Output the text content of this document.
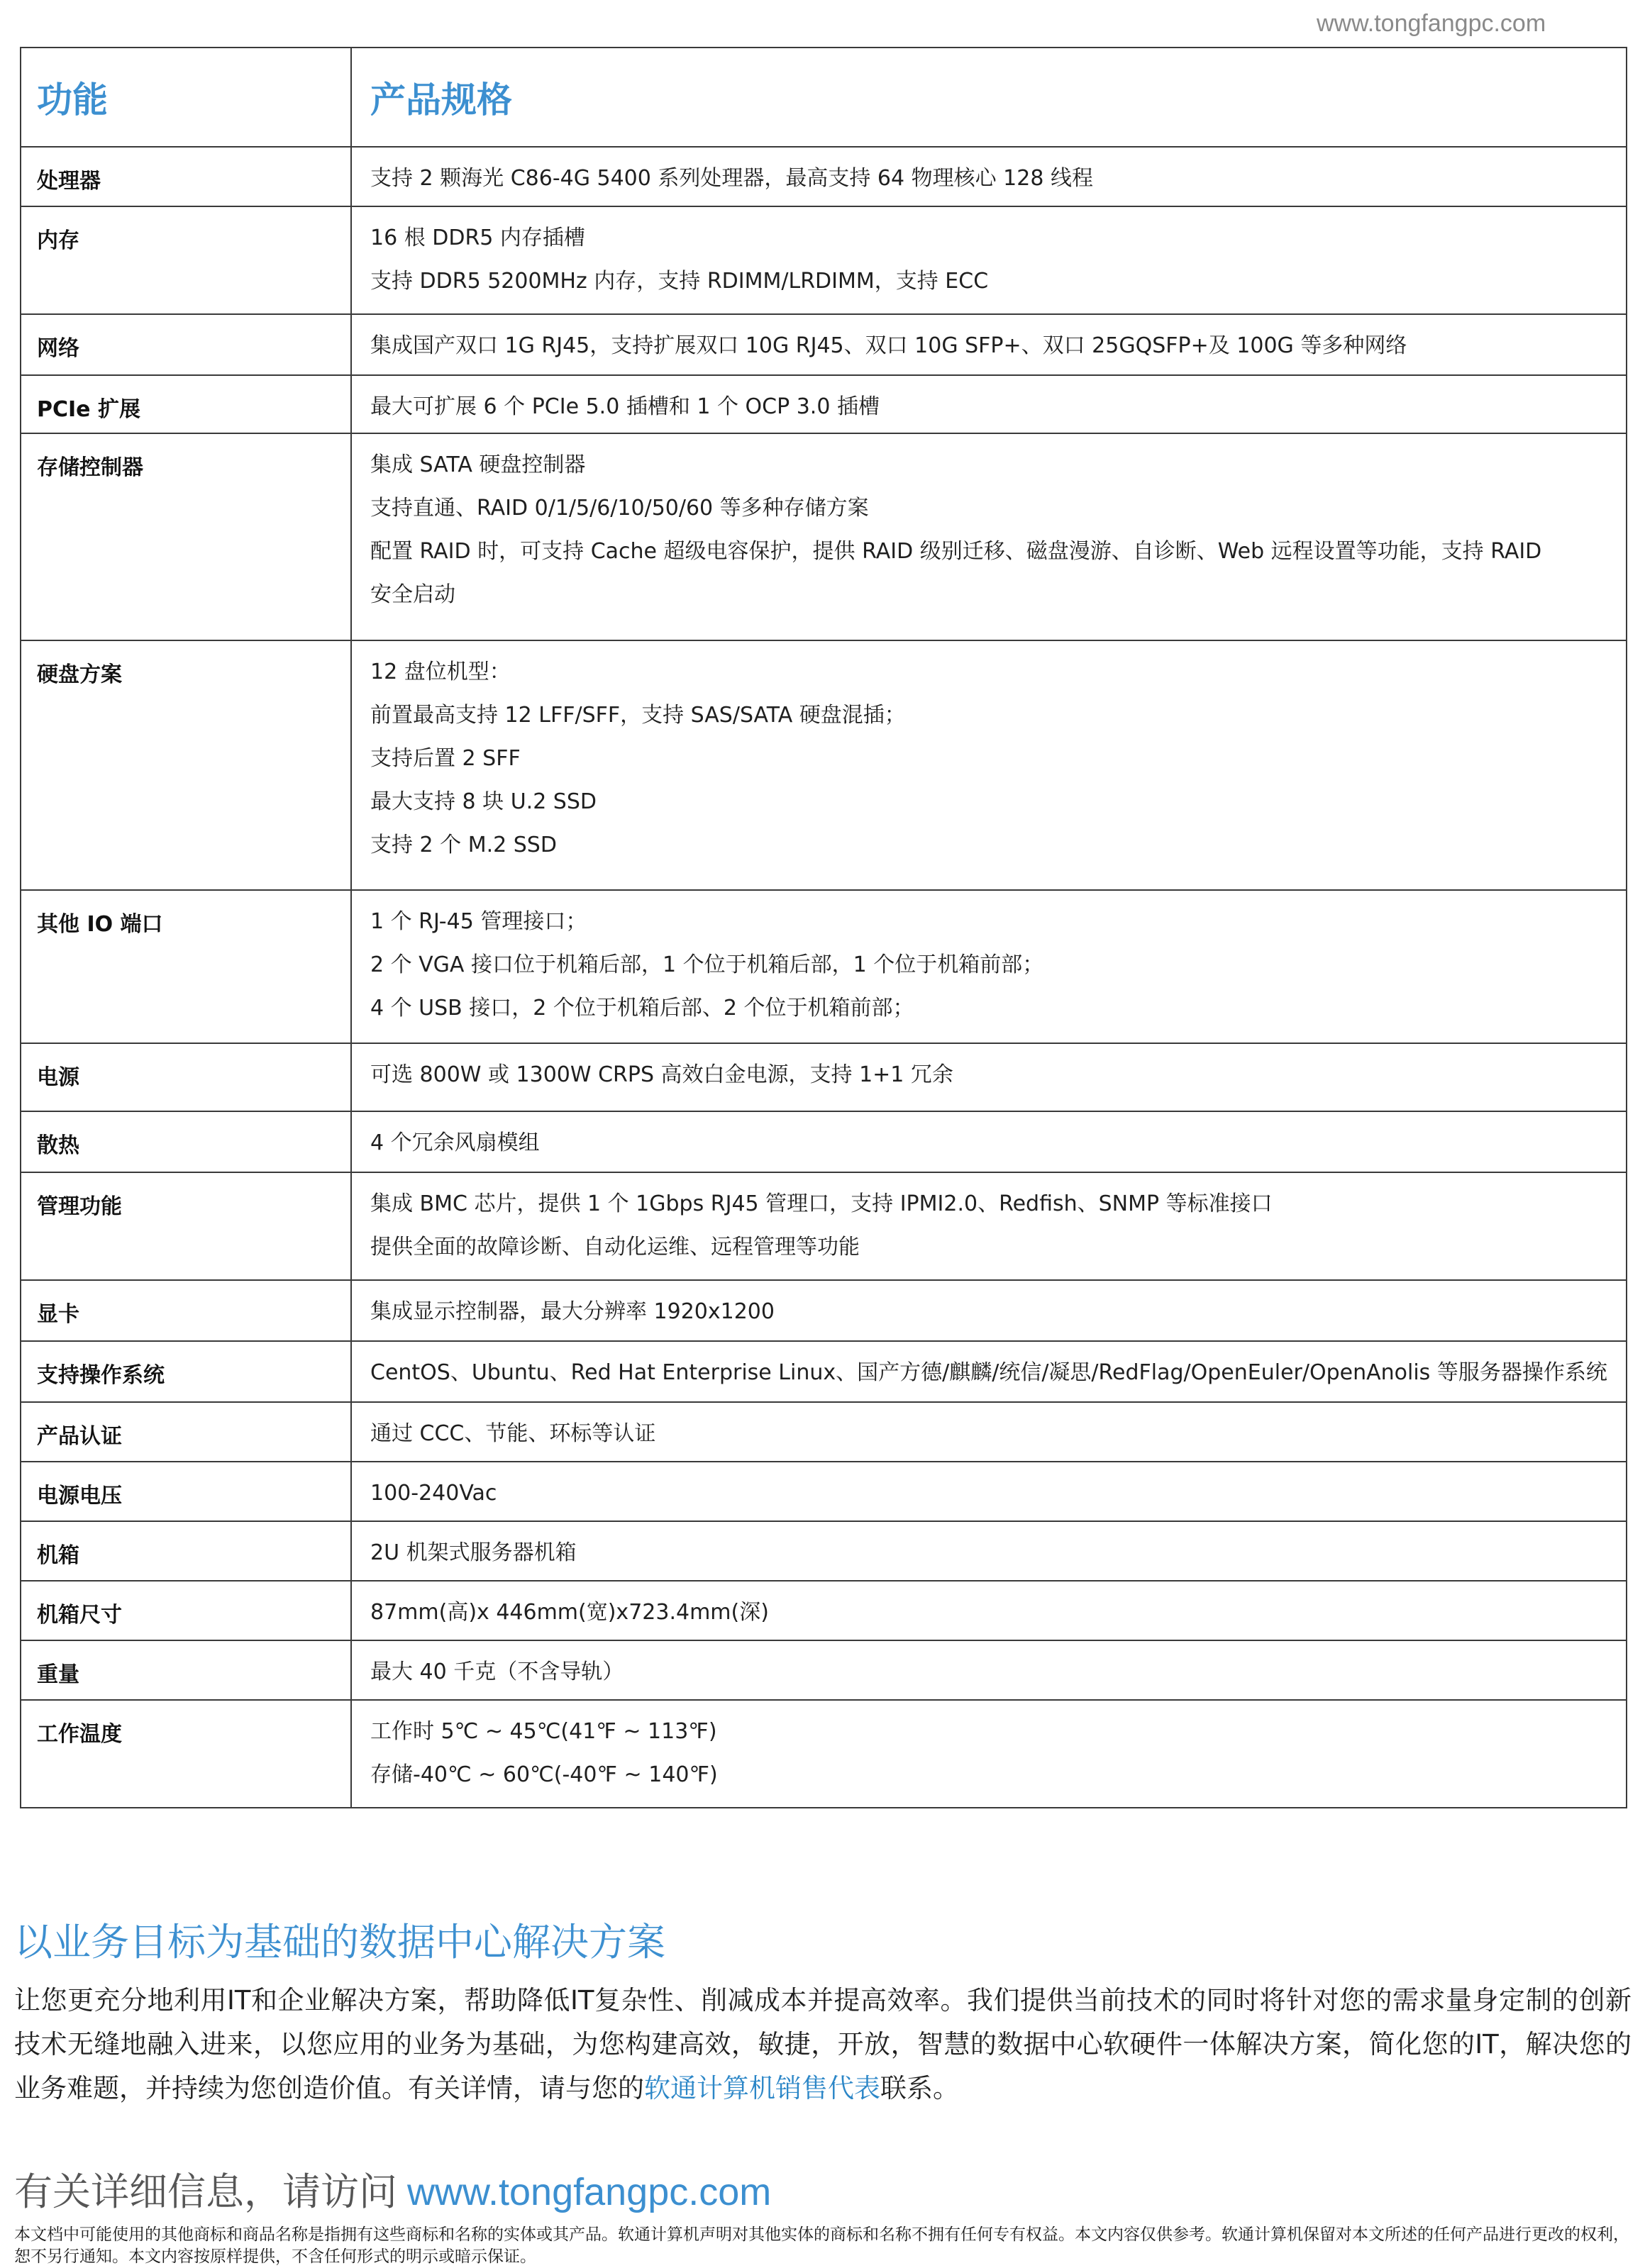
www.tongfangpc.com
功能	产品规格
处理器	支持 2 颗海光 C86-4G 5400 系列处理器，最高支持 64 物理核心 128 线程

内存	16 根 DDR5 内存插槽
支持 DDR5 5200MHz 内存，支持 RDIMM/LRDIMM，支持 ECC

网络	集成国产双口 1G RJ45，支持扩展双口 10G RJ45、双口 10G SFP+、双口 25GQSFP+及 100G 等多种网络

PCIe 扩展	最大可扩展 6 个 PCIe 5.0 插槽和 1 个 OCP 3.0 插槽

存储控制器	集成 SATA 硬盘控制器
支持直通、RAID 0/1/5/6/10/50/60 等多种存储方案
配置 RAID 时，可支持 Cache 超级电容保护，提供 RAID 级别迁移、磁盘漫游、自诊断、Web 远程设置等功能，支持 RAID
安全启动

硬盘方案	12 盘位机型：
前置最高支持 12 LFF/SFF，支持 SAS/SATA 硬盘混插；
支持后置 2 SFF
最大支持 8 块 U.2 SSD
支持 2 个 M.2 SSD

其他 IO 端口	1 个 RJ-45 管理接口；
2 个 VGA 接口位于机箱后部，1 个位于机箱后部，1 个位于机箱前部；
4 个 USB 接口，2 个位于机箱后部、2 个位于机箱前部；

电源	可选 800W 或 1300W CRPS 高效白金电源，支持 1+1 冗余

散热	4 个冗余风扇模组

管理功能	集成 BMC 芯片，提供 1 个 1Gbps RJ45 管理口，支持 IPMI2.0、Redfish、SNMP 等标准接口
提供全面的故障诊断、自动化运维、远程管理等功能

显卡	集成显示控制器，最大分辨率 1920x1200

支持操作系统	CentOS、Ubuntu、Red Hat Enterprise Linux、国产方德/麒麟/统信/凝思/RedFlag/OpenEuler/OpenAnolis 等服务器操作系统

产品认证	通过 CCC、节能、环标等认证

电源电压	100-240Vac

机箱	2U 机架式服务器机箱

机箱尺寸	87mm(高)x 446mm(宽)x723.4mm(深)

重量	最大 40 千克（不含导轨）

工作温度	工作时 5℃ ~ 45℃(41℉ ~ 113℉)
存储-40℃ ~ 60℃(-40℉ ~ 140℉)
以业务目标为基础的数据中心解决方案
让您更充分地利用IT和企业解决方案，帮助降低IT复杂性、削减成本并提高效率。我们提供当前技术的同时将针对您的需求量身定制的创新技术无缝地融入进来，以您应用的业务为基础，为您构建高效，敏捷，开放，智慧的数据中心软硬件一体解决方案，简化您的IT，解决您的业务难题，并持续为您创造价值。有关详情，请与您的软通计算机销售代表联系。
有关详细信息，请访问 www.tongfangpc.com
本文档中可能使用的其他商标和商品名称是指拥有这些商标和名称的实体或其产品。软通计算机声明对其他实体的商标和名称不拥有任何专有权益。本文内容仅供参考。软通计算机保留对本文所述的任何产品进行更改的权利，恕不另行通知。本文内容按原样提供，不含任何形式的明示或暗示保证。
